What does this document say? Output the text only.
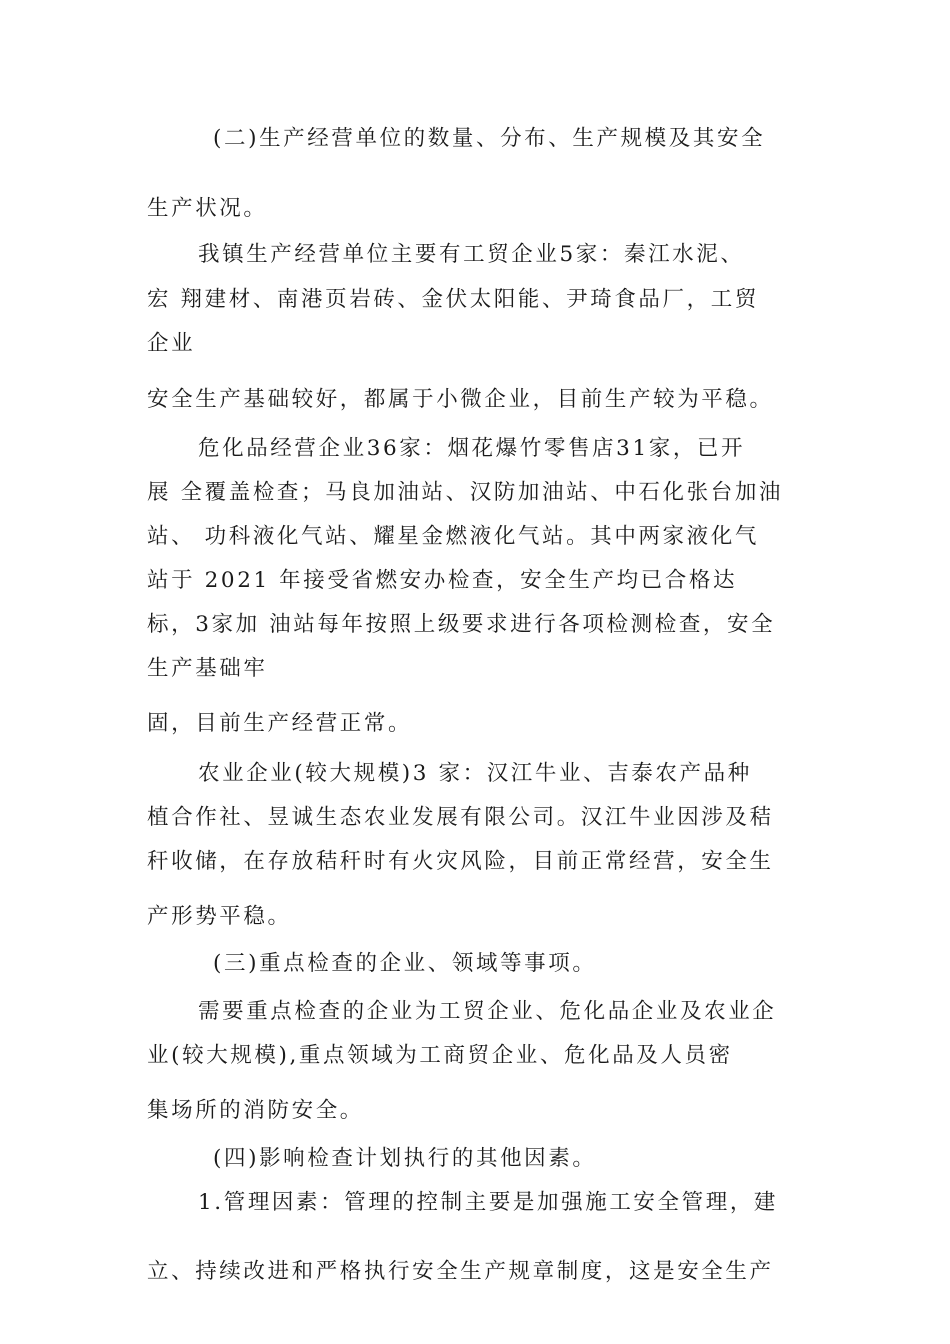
(二)生产经营单位的数量、分布、生产规模及其安全

生产状况。

我镇生产经营单位主要有工贸企业5家：秦江水泥、

宏 翔建材、南港页岩砖、金伏太阳能、尹琦食品厂，工贸

企业

安全生产基础较好，都属于小微企业，目前生产较为平稳。

危化品经营企业36家：烟花爆竹零售店31家，已开

展 全覆盖检查；马良加油站、汉防加油站、中石化张台加油

站、 功科液化气站、耀星金燃液化气站。其中两家液化气

站于 2021 年接受省燃安办检查，安全生产均已合格达

标，3家加 油站每年按照上级要求进行各项检测检查，安全

生产基础牢

固，目前生产经营正常。

农业企业(较大规模)3 家：汉江牛业、吉泰农产品种

植合作社、昱诚生态农业发展有限公司。汉江牛业因涉及秸

秆收储，在存放秸秆时有火灾风险，目前正常经营，安全生

产形势平稳。

(三)重点检查的企业、领域等事项。

需要重点检查的企业为工贸企业、危化品企业及农业企

业(较大规模),重点领域为工商贸企业、危化品及人员密

集场所的消防安全。

(四)影响检查计划执行的其他因素。

1.管理因素：管理的控制主要是加强施工安全管理，建

立、持续改进和严格执行安全生产规章制度，这是安全生产
